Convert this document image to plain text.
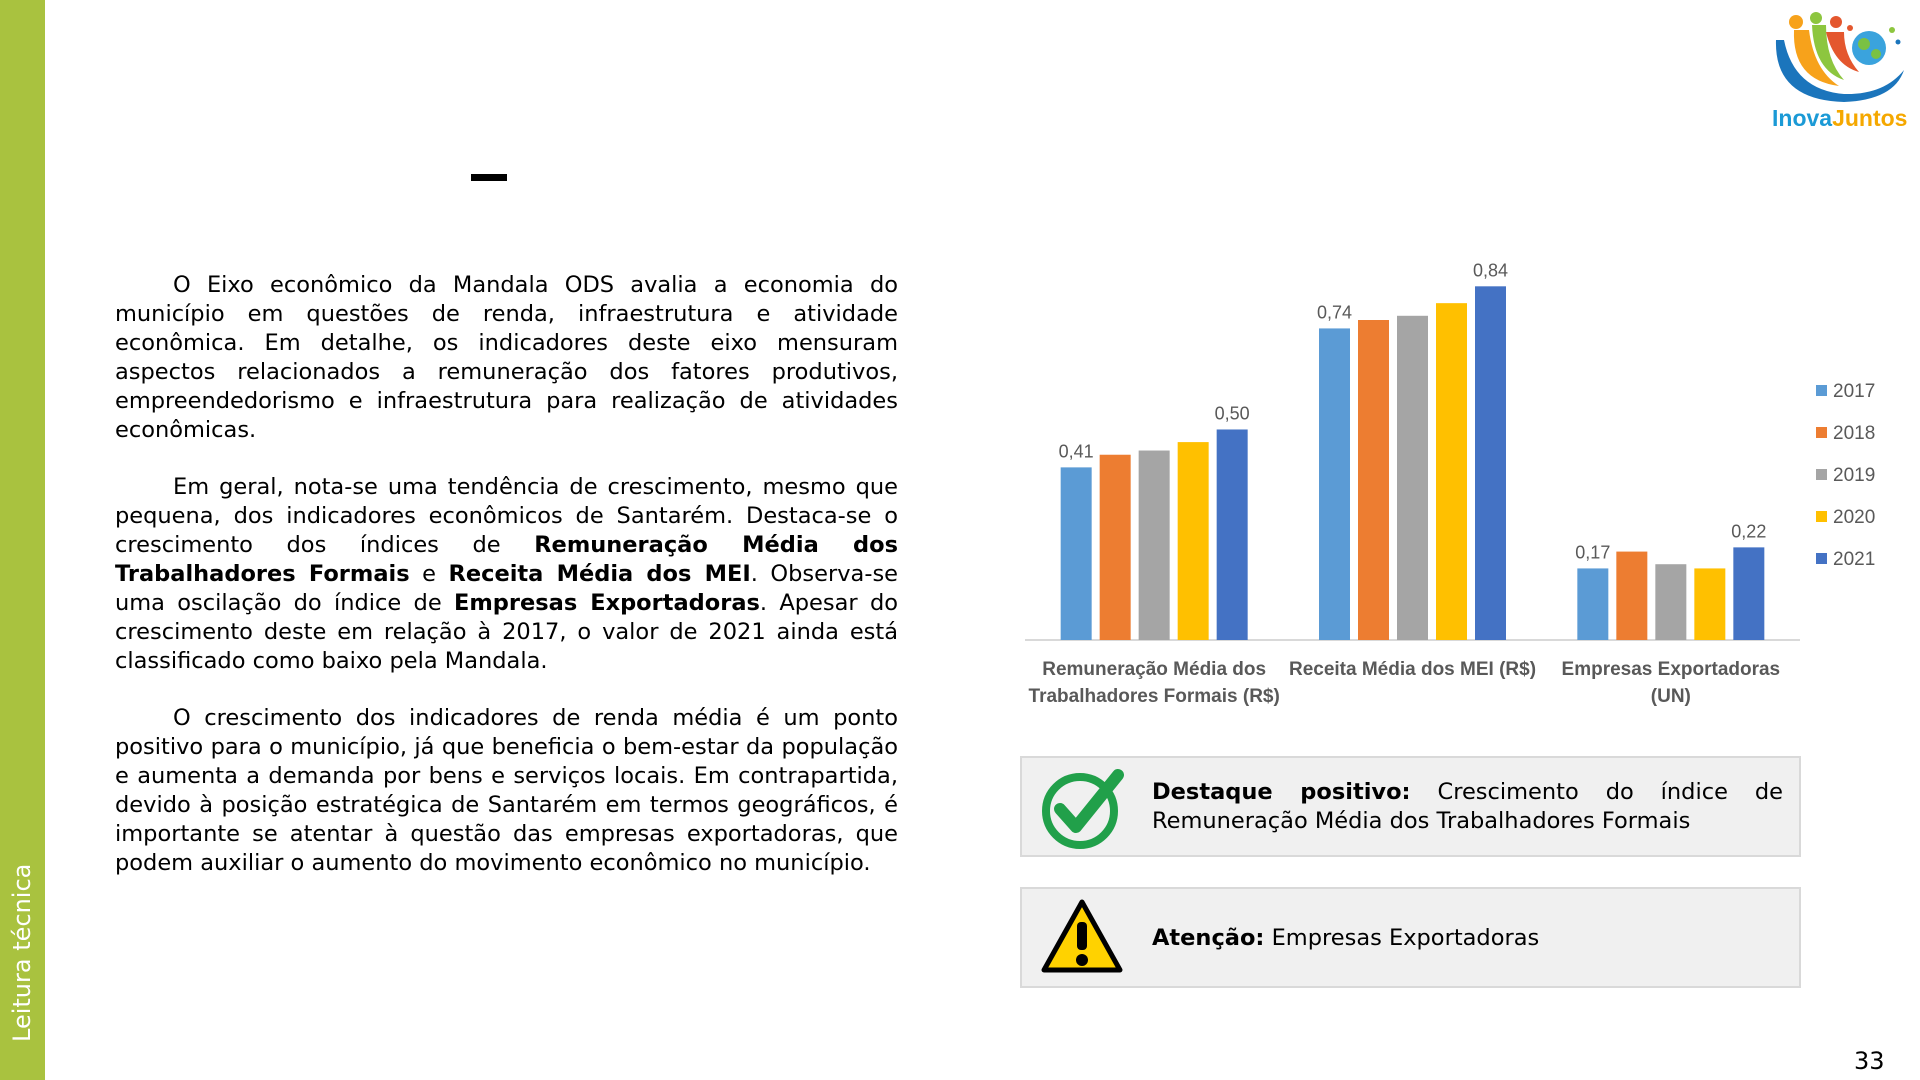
Leitura técnica

O Eixo econômico da Mandala ODS avalia a economia do município em questões de renda, infraestrutura e atividade econômica. Em detalhe, os indicadores deste eixo mensuram aspectos relacionados a remuneração dos fatores produtivos, empreendedorismo e infraestrutura para realização de atividades econômicas.

Em geral, nota-se uma tendência de crescimento, mesmo que pequena, dos indicadores econômicos de Santarém. Destaca-se o crescimento dos índices de Remuneração Média dos Trabalhadores Formais e Receita Média dos MEI. Observa-se uma oscilação do índice de Empresas Exportadoras. Apesar do crescimento deste em relação à 2017, o valor de 2021 ainda está classificado como baixo pela Mandala.

O crescimento dos indicadores de renda média é um ponto positivo para o município, já que beneficia o bem-estar da população e aumenta a demanda por bens e serviços locais. Em contrapartida, devido à posição estratégica de Santarém em termos geográficos, é importante se atentar à questão das empresas exportadoras, que podem auxiliar o aumento do movimento econômico no município.

InovaJuntos
0,41
0,50
Remuneração Média dos
Trabalhadores Formais (R$)
0,74
0,84
Receita Média dos MEI (R$)
0,17
0,22
Empresas Exportadoras
(UN)
2017
2018
2019
2020
2021
Destaque positivo: Crescimento do índice de Remuneração Média dos Trabalhadores Formais
Atenção: Empresas Exportadoras
33
